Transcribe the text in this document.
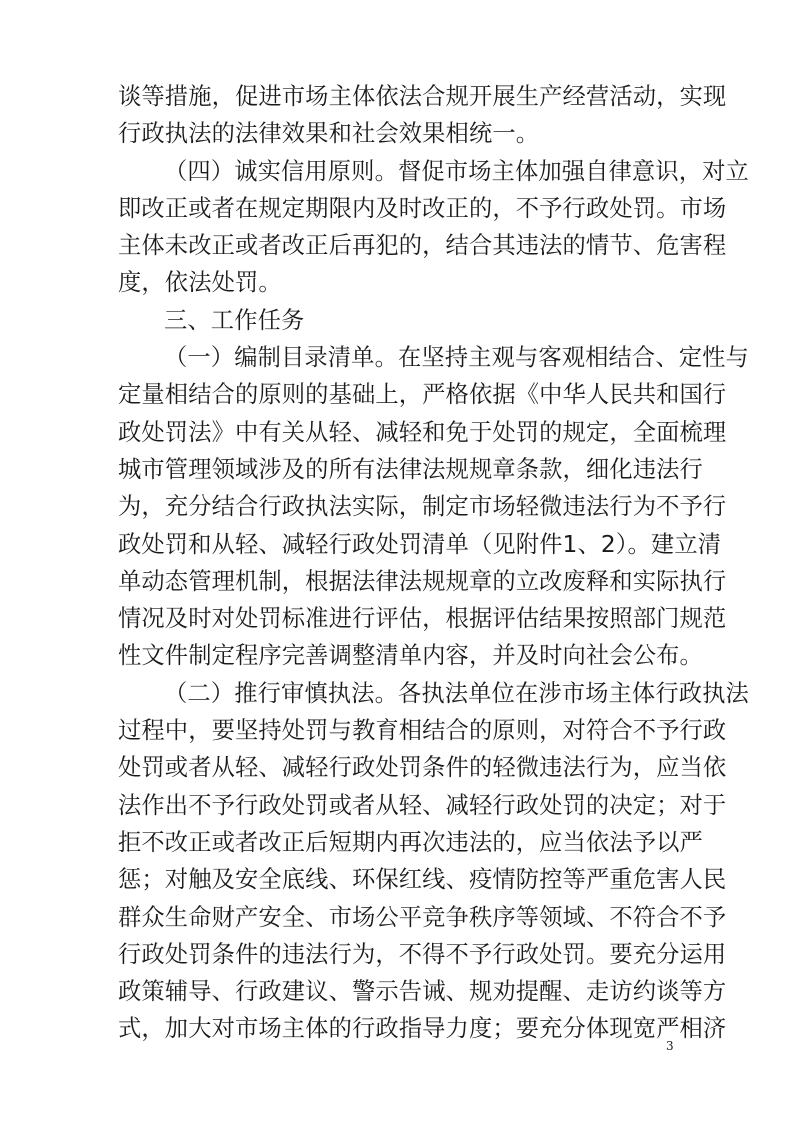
谈等措施，促进市场主体依法合规开展生产经营活动，实现
行政执法的法律效果和社会效果相统一。
（四）诚实信用原则。督促市场主体加强自律意识，对立
即改正或者在规定期限内及时改正的，不予行政处罚。市场
主体未改正或者改正后再犯的，结合其违法的情节、危害程
度，依法处罚。
三、工作任务
（一）编制目录清单。在坚持主观与客观相结合、定性与
定量相结合的原则的基础上，严格依据《中华人民共和国行
政处罚法》中有关从轻、减轻和免于处罚的规定，全面梳理
城市管理领域涉及的所有法律法规规章条款，细化违法行
为，充分结合行政执法实际，制定市场轻微违法行为不予行
政处罚和从轻、减轻行政处罚清单（见附件1、2）。建立清
单动态管理机制，根据法律法规规章的立改废释和实际执行
情况及时对处罚标准进行评估，根据评估结果按照部门规范
性文件制定程序完善调整清单内容，并及时向社会公布。
（二）推行审慎执法。各执法单位在涉市场主体行政执法
过程中，要坚持处罚与教育相结合的原则，对符合不予行政
处罚或者从轻、减轻行政处罚条件的轻微违法行为，应当依
法作出不予行政处罚或者从轻、减轻行政处罚的决定；对于
拒不改正或者改正后短期内再次违法的，应当依法予以严
惩；对触及安全底线、环保红线、疫情防控等严重危害人民
群众生命财产安全、市场公平竞争秩序等领域、不符合不予
行政处罚条件的违法行为，不得不予行政处罚。要充分运用
政策辅导、行政建议、警示告诫、规劝提醒、走访约谈等方
式，加大对市场主体的行政指导力度；要充分体现宽严相济
3
